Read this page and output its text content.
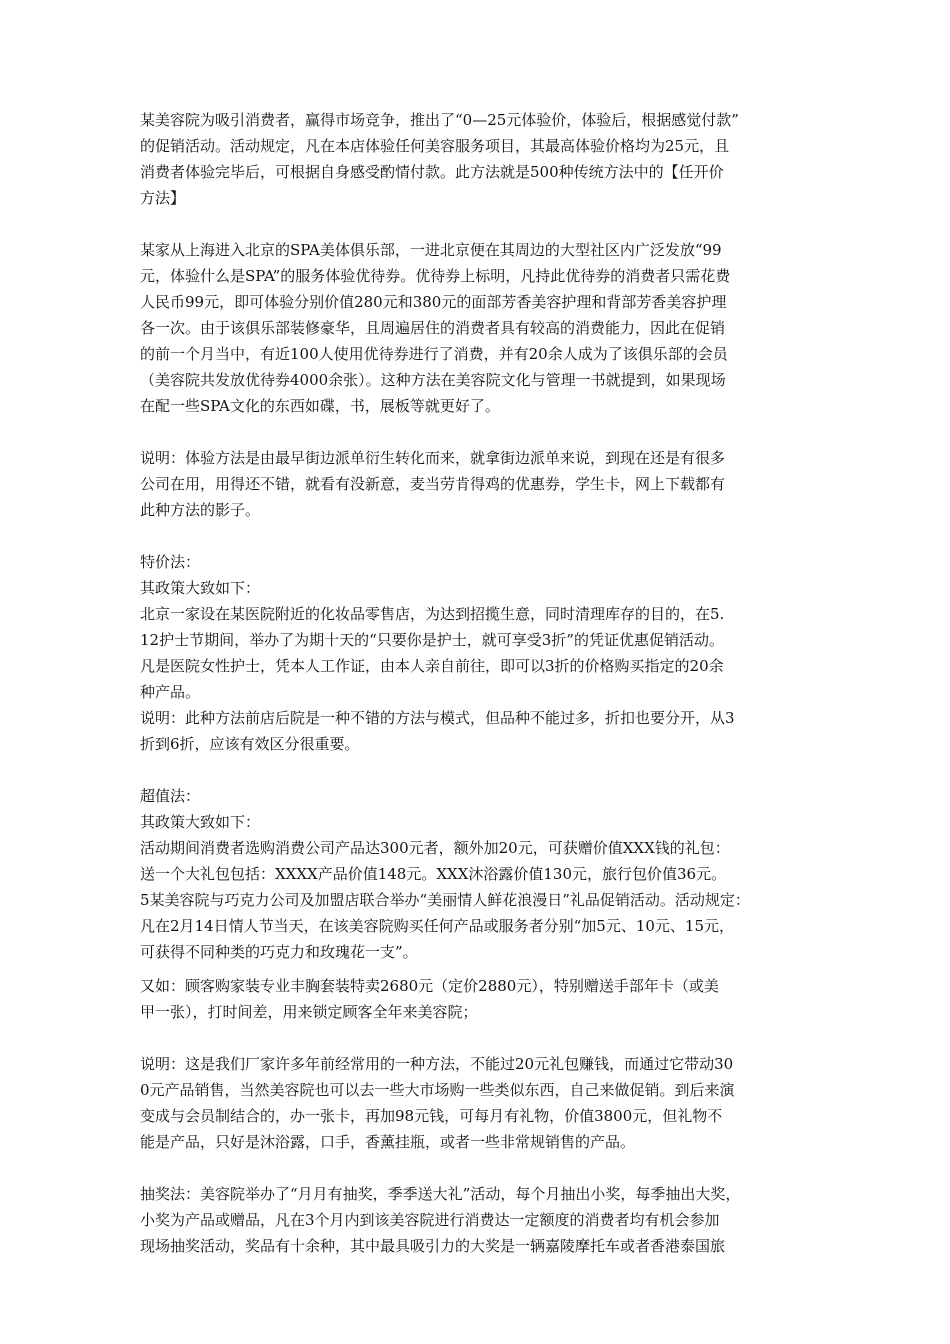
某美容院为吸引消费者，赢得市场竞争，推出了“0—25元体验价，体验后，根据感觉付款”
的促销活动。活动规定，凡在本店体验任何美容服务项目，其最高体验价格均为25元，且
消费者体验完毕后，可根据自身感受酌情付款。此方法就是500种传统方法中的【任开价
方法】

某家从上海进入北京的SPA美体俱乐部，一进北京便在其周边的大型社区内广泛发放“99
元，体验什么是SPA”的服务体验优待券。优待券上标明，凡持此优待券的消费者只需花费
人民币99元，即可体验分别价值280元和380元的面部芳香美容护理和背部芳香美容护理
各一次。由于该俱乐部装修豪华，且周遍居住的消费者具有较高的消费能力，因此在促销
的前一个月当中，有近100人使用优待券进行了消费，并有20余人成为了该俱乐部的会员
（美容院共发放优待券4000余张）。这种方法在美容院文化与管理一书就提到，如果现场
在配一些SPA文化的东西如碟，书，展板等就更好了。

说明：体验方法是由最早街边派单衍生转化而来，就拿街边派单来说，到现在还是有很多
公司在用，用得还不错，就看有没新意，麦当劳肯得鸡的优惠券，学生卡，网上下载都有
此种方法的影子。

特价法：
其政策大致如下：
北京一家设在某医院附近的化妆品零售店，为达到招揽生意，同时清理库存的目的，在5.
12护士节期间，举办了为期十天的“只要你是护士，就可享受3折”的凭证优惠促销活动。
凡是医院女性护士，凭本人工作证，由本人亲自前往，即可以3折的价格购买指定的20余
种产品。
说明：此种方法前店后院是一种不错的方法与模式，但品种不能过多，折扣也要分开，从3
折到6折，应该有效区分很重要。

超值法：
其政策大致如下：
活动期间消费者选购消费公司产品达300元者，额外加20元，可获赠价值XXX钱的礼包：
送一个大礼包包括：XXXX产品价值148元。XXX沐浴露价值130元，旅行包价值36元。
5某美容院与巧克力公司及加盟店联合举办“美丽情人鲜花浪漫日”礼品促销活动。活动规定：
凡在2月14日情人节当天，在该美容院购买任何产品或服务者分别“加5元、10元、15元，
可获得不同种类的巧克力和玫瑰花一支”。

又如：顾客购家装专业丰胸套装特卖2680元（定价2880元），特别赠送手部年卡（或美
甲一张），打时间差，用来锁定顾客全年来美容院；

说明：这是我们厂家许多年前经常用的一种方法，不能过20元礼包赚钱，而通过它带动30
0元产品销售，当然美容院也可以去一些大市场购一些类似东西，自己来做促销。到后来演
变成与会员制结合的，办一张卡，再加98元钱，可每月有礼物，价值3800元，但礼物不
能是产品，只好是沐浴露，口手，香薰挂瓶，或者一些非常规销售的产品。

抽奖法：美容院举办了“月月有抽奖，季季送大礼”活动，每个月抽出小奖，每季抽出大奖，
小奖为产品或赠品，凡在3个月内到该美容院进行消费达一定额度的消费者均有机会参加
现场抽奖活动，奖品有十余种，其中最具吸引力的大奖是一辆嘉陵摩托车或者香港泰国旅
